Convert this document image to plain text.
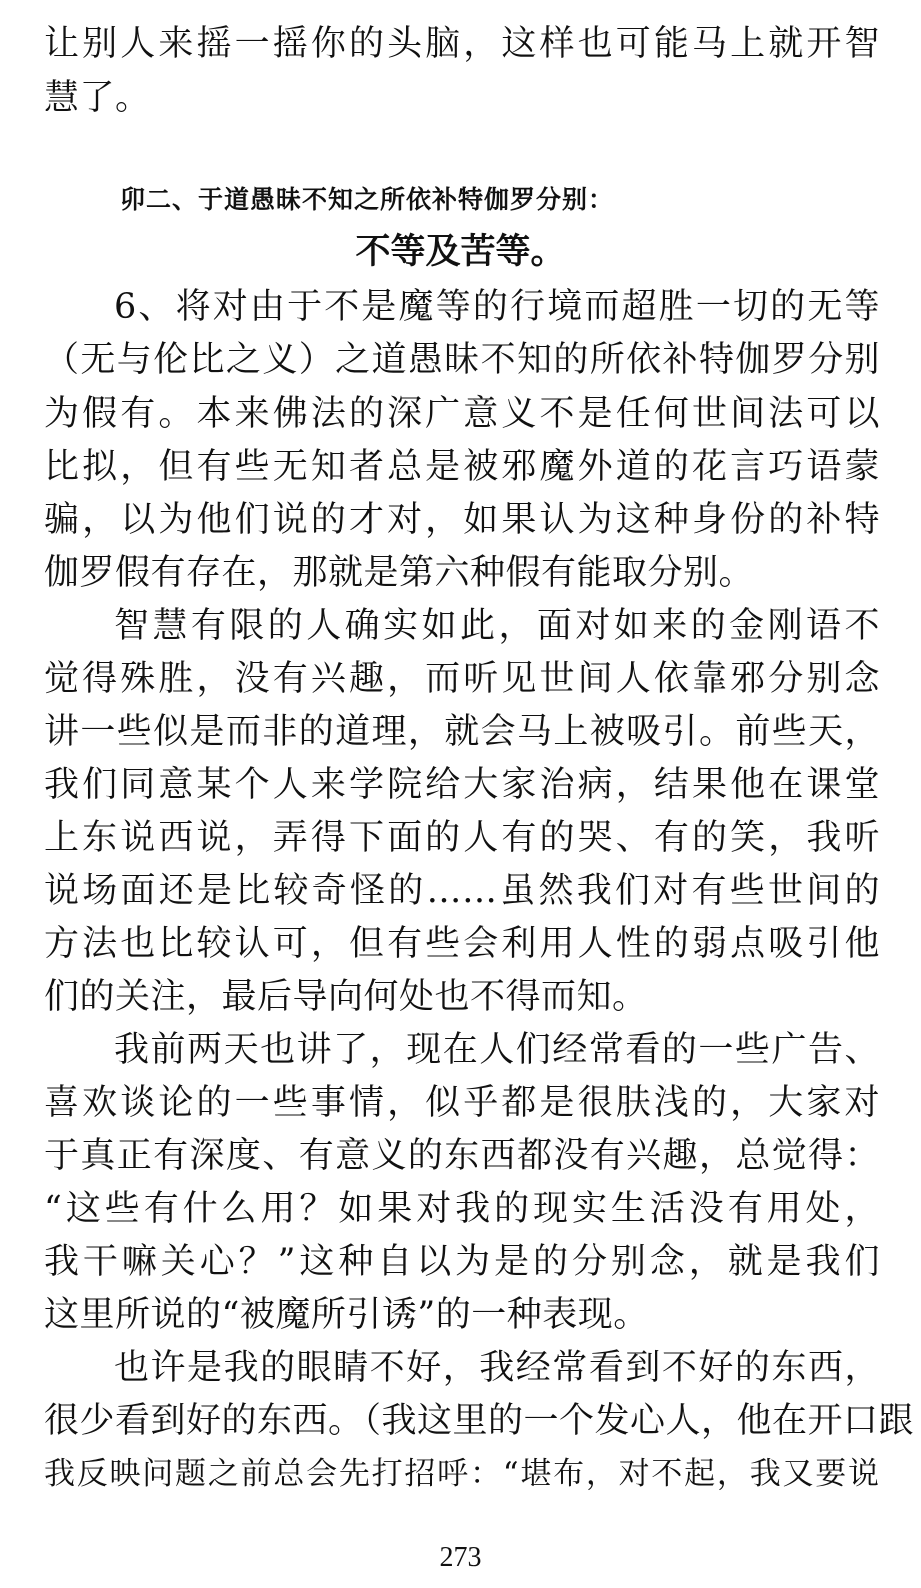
让别人来摇一摇你的头脑，这样也可能马上就开智
慧了。
卯二、于道愚昧不知之所依补特伽罗分别：
不等及苦等。
6、将对由于不是魔等的行境而超胜一切的无等
（无与伦比之义）之道愚昧不知的所依补特伽罗分别
为假有。本来佛法的深广意义不是任何世间法可以
比拟，但有些无知者总是被邪魔外道的花言巧语蒙
骗，以为他们说的才对，如果认为这种身份的补特
伽罗假有存在，那就是第六种假有能取分别。
智慧有限的人确实如此，面对如来的金刚语不
觉得殊胜，没有兴趣，而听见世间人依靠邪分别念
讲一些似是而非的道理，就会马上被吸引。前些天，
我们同意某个人来学院给大家治病，结果他在课堂
上东说西说，弄得下面的人有的哭、有的笑，我听
说场面还是比较奇怪的……虽然我们对有些世间的
方法也比较认可，但有些会利用人性的弱点吸引他
们的关注，最后导向何处也不得而知。
我前两天也讲了，现在人们经常看的一些广告、
喜欢谈论的一些事情，似乎都是很肤浅的，大家对
于真正有深度、有意义的东西都没有兴趣，总觉得：
“这些有什么用？如果对我的现实生活没有用处，
我干嘛关心？”这种自以为是的分别念，就是我们
这里所说的“被魔所引诱”的一种表现。
也许是我的眼睛不好，我经常看到不好的东西，
很少看到好的东西。（我这里的一个发心人，他在开口跟
我反映问题之前总会先打招呼：“堪布，对不起，我又要说
273
